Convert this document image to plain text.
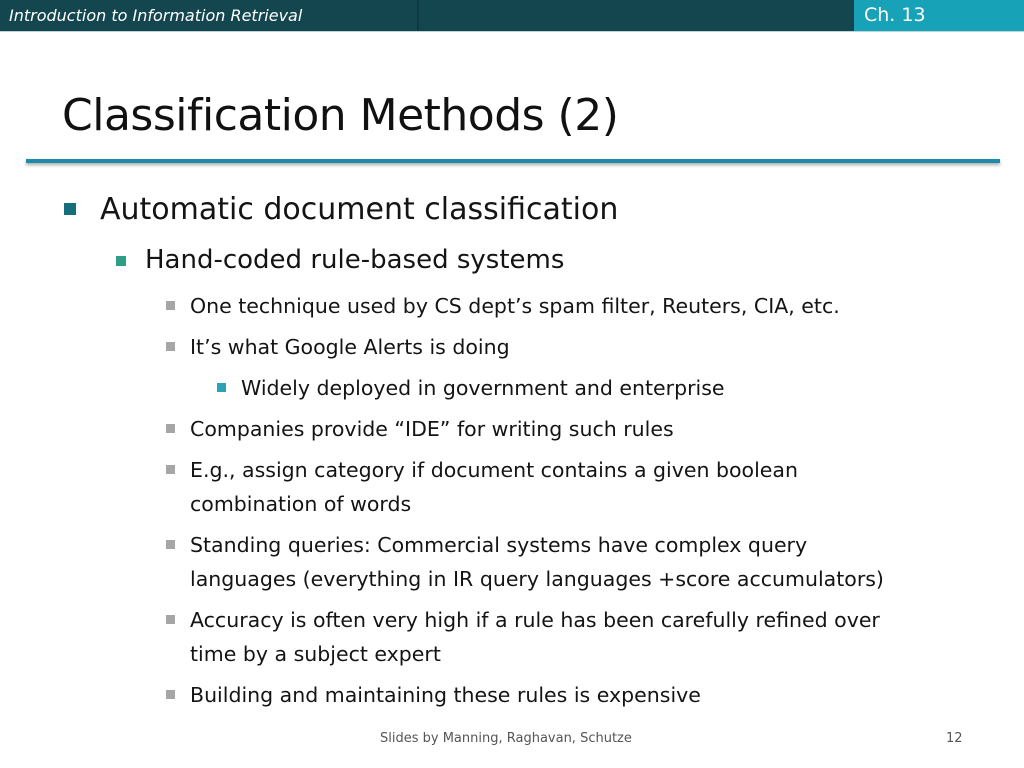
Introduction to Information Retrieval	Ch. 13
Classification Methods (2)
Automatic document classification
Hand-coded rule-based systems
One technique used by CS dept’s spam filter, Reuters, CIA, etc.
It’s what Google Alerts is doing
Widely deployed in government and enterprise
Companies provide “IDE” for writing such rules
E.g., assign category if document contains a given boolean
combination of words
Standing queries: Commercial systems have complex query
languages (everything in IR query languages +score accumulators)
Accuracy is often very high if a rule has been carefully refined over
time by a subject expert
Building and maintaining these rules is expensive
Slides by Manning, Raghavan, Schutze	12
